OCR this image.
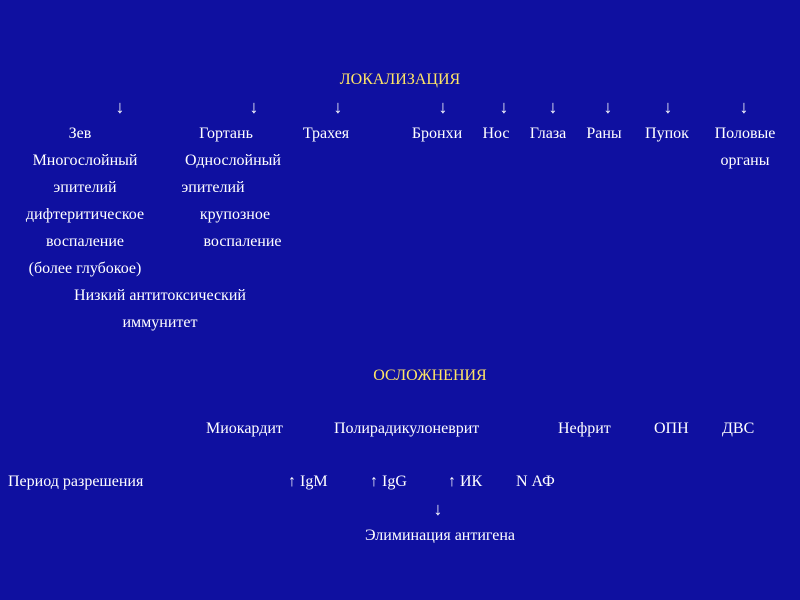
ЛОКАЛИЗАЦИЯ
↓	↓	↓	↓	↓	↓	↓	↓	↓
Зев	Гортань	Трахея	Бронхи	Нос	Глаза	Раны	Пупок	Половые
органы
Многослойный
эпителий
дифтеритическое
воспаление
(более глубокое)
Однослойный
эпителий
крупозное
воспаление
Низкий антитоксический
иммунитет
ОСЛОЖНЕНИЯ
Миокардит	Полирадикулоневрит	Нефрит	ОПН ДВС
Период разрешения	↑ IgM	↑ IgG	↑ ИК N АФ
↓
Элиминация антигена
